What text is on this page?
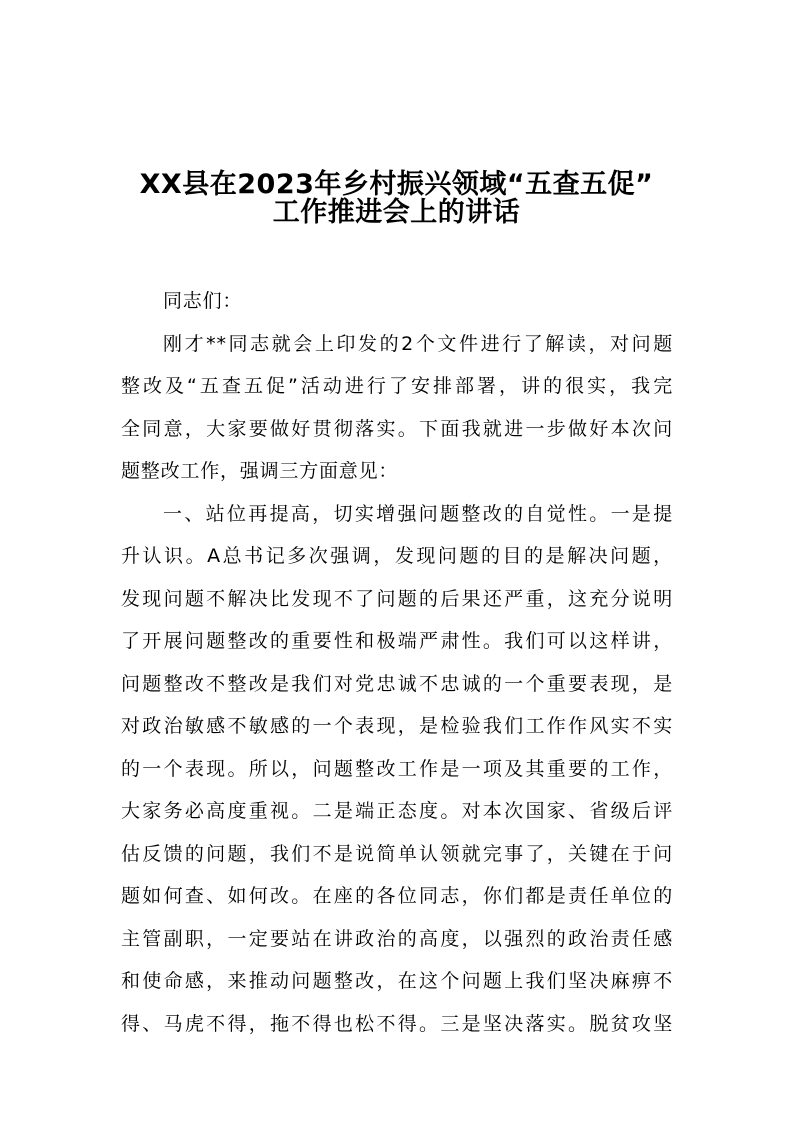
XX县在2023年乡村振兴领域“五查五促”
工作推进会上的讲话
同志们：
刚才**同志就会上印发的2个文件进行了解读，对问题
整改及“五查五促”活动进行了安排部署，讲的很实，我完
全同意，大家要做好贯彻落实。下面我就进一步做好本次问
题整改工作，强调三方面意见：
一、站位再提高，切实增强问题整改的自觉性。一是提
升认识。A总书记多次强调，发现问题的目的是解决问题，
发现问题不解决比发现不了问题的后果还严重，这充分说明
了开展问题整改的重要性和极端严肃性。我们可以这样讲，
问题整改不整改是我们对党忠诚不忠诚的一个重要表现，是
对政治敏感不敏感的一个表现，是检验我们工作作风实不实
的一个表现。所以，问题整改工作是一项及其重要的工作，
大家务必高度重视。二是端正态度。对本次国家、省级后评
估反馈的问题，我们不是说简单认领就完事了，关键在于问
题如何查、如何改。在座的各位同志，你们都是责任单位的
主管副职，一定要站在讲政治的高度，以强烈的政治责任感
和使命感，来推动问题整改，在这个问题上我们坚决麻痹不
得、马虎不得，拖不得也松不得。三是坚决落实。脱贫攻坚
